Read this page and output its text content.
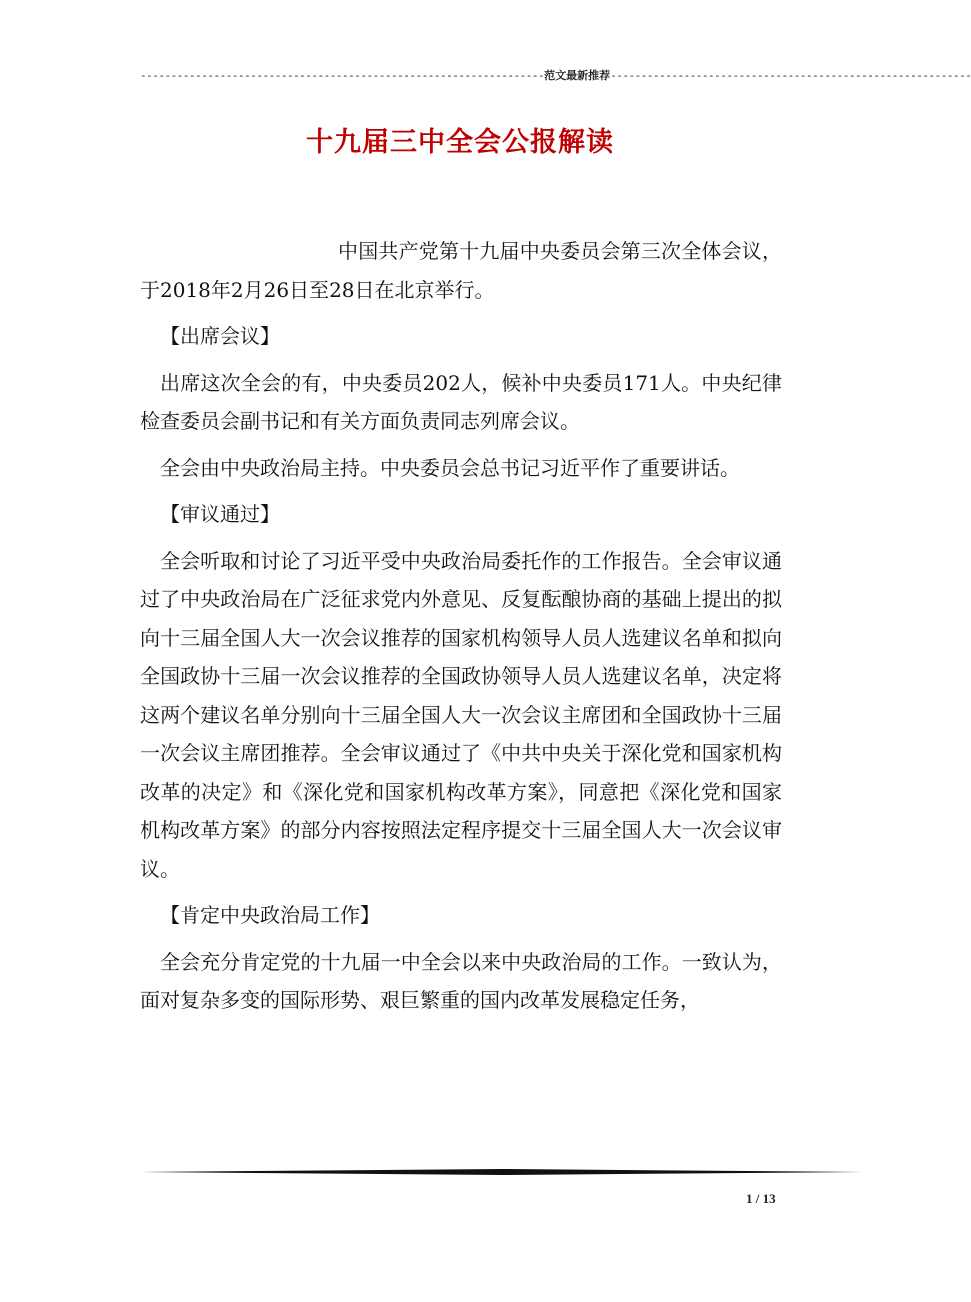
------------------------------------------------------------------范文最新推荐-----------------------------------------------------------
十九届三中全会公报解读

中国共产党第十九届中央委员会第三次全体会议，于2018年2月26日至28日在北京举行。

【出席会议】

出席这次全会的有，中央委员202人，候补中央委员171人。中央纪律检查委员会副书记和有关方面负责同志列席会议。

全会由中央政治局主持。中央委员会总书记习近平作了重要讲话。

【审议通过】

全会听取和讨论了习近平受中央政治局委托作的工作报告。全会审议通过了中央政治局在广泛征求党内外意见、反复酝酿协商的基础上提出的拟向十三届全国人大一次会议推荐的国家机构领导人员人选建议名单和拟向全国政协十三届一次会议推荐的全国政协领导人员人选建议名单，决定将这两个建议名单分别向十三届全国人大一次会议主席团和全国政协十三届一次会议主席团推荐。全会审议通过了《中共中央关于深化党和国家机构改革的决定》和《深化党和国家机构改革方案》，同意把《深化党和国家机构改革方案》的部分内容按照法定程序提交十三届全国人大一次会议审议。

【肯定中央政治局工作】

全会充分肯定党的十九届一中全会以来中央政治局的工作。一致认为，面对复杂多变的国际形势、艰巨繁重的国内改革发展稳定任务，

1 / 13
